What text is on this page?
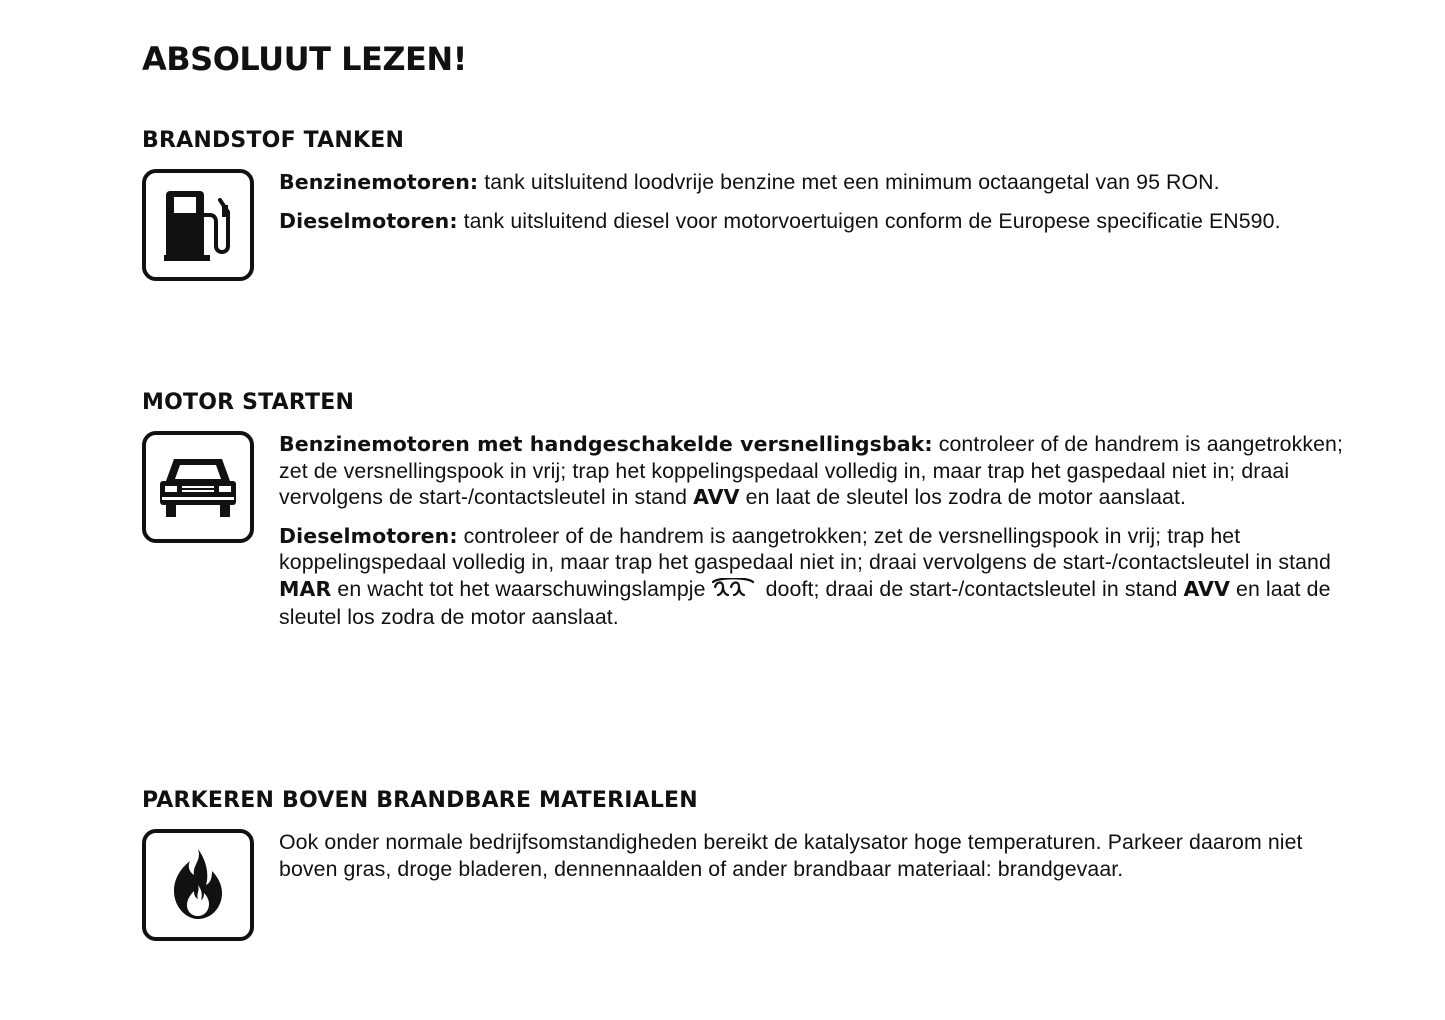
ABSOLUUT LEZEN!
BRANDSTOF TANKEN

Benzinemotoren: tank uitsluitend loodvrije benzine met een minimum octaangetal van 95 RON.

Dieselmotoren: tank uitsluitend diesel voor motorvoertuigen conform de Europese specificatie EN590.

MOTOR STARTEN

Benzinemotoren met handgeschakelde versnellingsbak: controleer of de handrem is aangetrokken; zet de versnellingspook in vrij; trap het koppelingspedaal volledig in, maar trap het gaspedaal niet in; draai vervolgens de start-/contactsleutel in stand AVV en laat de sleutel los zodra de motor aanslaat.

Dieselmotoren: controleer of de handrem is aangetrokken; zet de versnellingspook in vrij; trap het koppelingspedaal volledig in, maar trap het gaspedaal niet in; draai vervolgens de start-/contactsleutel in stand MAR en wacht tot het waarschuwingslampje	dooft; draai de start-/contactsleutel in stand AVV en laat de sleutel los zodra de motor aanslaat.

PARKEREN BOVEN BRANDBARE MATERIALEN

Ook onder normale bedrijfsomstandigheden bereikt de katalysator hoge temperaturen. Parkeer daarom niet boven gras, droge bladeren, dennennaalden of ander brandbaar materiaal: brandgevaar.
